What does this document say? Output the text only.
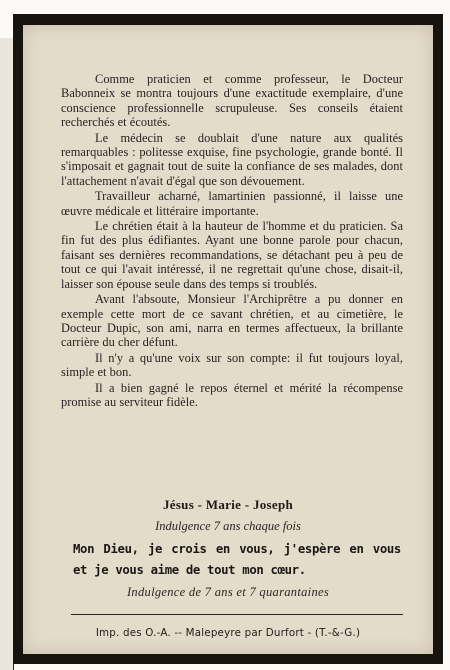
Comme praticien et comme professeur, le Docteur Babonneix se montra toujours d'une exactitude exemplaire, d'une conscience professionnelle scrupuleuse. Ses conseils étaient recherchés et écoutés.

Le médecin se doublait d'une nature aux qualités remarquables : politesse exquise, fine psychologie, grande bonté. Il s'imposait et gagnait tout de suite la confiance de ses malades, dont l'attachement n'avait d'égal que son dévouement.

Travailleur acharné, lamartinien passionné, il laisse une œuvre médicale et littéraire importante.

Le chrétien était à la hauteur de l'homme et du praticien. Sa fin fut des plus édifiantes. Ayant une bonne parole pour chacun, faisant ses dernières recommandations, se détachant peu à peu de tout ce qui l'avait intéressé, il ne regrettait qu'une chose, disait-il, laisser son épouse seule dans des temps si troublés.

Avant l'absoute, Monsieur l'Archiprêtre a pu donner en exemple cette mort de ce savant chrétien, et au cimetière, le Docteur Dupic, son ami, narra en termes affectueux, la brillante carrière du cher défunt.

Il n'y a qu'une voix sur son compte: il fut toujours loyal, simple et bon.

Il a bien gagné le repos éternel et mérité la récompense promise au serviteur fidèle.

Jésus - Marie - Joseph
Indulgence 7 ans chaque fois
Mon Dieu, je crois en vous, j'espère en vous et je vous aime de tout mon cœur.
Indulgence de 7 ans et 7 quarantaines
Imp. des O.-A. -- Malepeyre par Durfort - (T.-&-G.)
